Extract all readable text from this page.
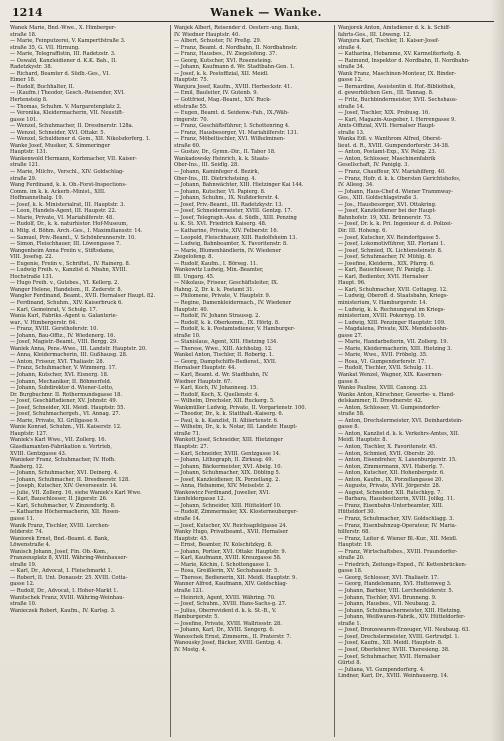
1214	Wanek — Wanke.
Wanek Marie, Bnd.-Wwe., X. Himberger-
straße 18.
— Marie, Feinputzerei, V. Kampertfstraße 3.
straße 35, G. VII. Hirnung.
— Marie, Telegraffistin, III. Radetzstr. 3.
— Oswald, Kanzleidiener d. K.K. Bah., II.
Radetzkystr. 38.
— Richard, Beamter d. Südb.-Ges., VI.
Eimer 18.
— Rudolf, Buchhalter, II.
— (Kaufm.) Theodor, Gesch.-Reisender, XVI.
Hertensteig 8.
— Thomas, Schuhm. V. Margaretenplatz 2.
— Veronika, Kleidermacherin, VII. Neustift-
gasse 101.
— Wenzel, Schuhmacher, II. Dresdnerstr. 128a.
— Wenzel, Schneider, XVI. Ottakr. 5.
— Wenzel, Schuldiener d. Gem., XII. Nikolsdorferg. 1.
Wanke Josef, Musiker, X. Simmeringer
Hauptstr. 131.
Wankenwold Hermann, Korbmacher, VII. Kaiser-
straße 121.
— Marie, Milchv., Verschl., XIV. Goldschlag-
straße 29.
Wang Ferdinand, k. k. Ob.-Forst-Inspections-
Comm. im k. k. Ackerb.-Minist., XIII.
Hoffmannsthalg. 19.
— Josef, k. k. Ministerialrat, III. Hauptstr. 3.
— Leon, Handels-Agent, III. Haupstr. 22.
— Marie, Private, VI. Mariahilferstr. 48.
— Rudolf, Dr., k. k. naturhistor. Hof-Museum,
u. Mitg. d. Böhm. Arch.-Ges., I. Maximiliansstr. 14.
— Samuel, Priv.-Beamt., V. Schönbrunnerstr. 10.
— Simon, Fleischhauer, III. Löwengasse 7.
Wangenheim Anna Freiin v., Stiftsdame,
VIII. Josefsg. 22.
— Eugenie, Freiin v., Schriftst., IV. Rainerg. 8.
— Ludwig Freih. v., Kanzlist d. Nbahn, XVIII.
Hochstraße 131.
— Hugo Freih. v., Gutsbes., VI. Kellerg. 2.
Wanger Helene, Handelsm., II. Zederstr. 8.
Wangler Ferdinand, Beamt., XVII. Hernalser Haupt. 82.
— Ferdinand, Schuhm., XIV. Kaiserbruck 6.
— Karl, Gemeinrat, V. Schulg. 17.
Wania Karl, Fabriks.-Agent u. Galanterie-
war., V. Himbergerstr. 64.
— Franz, XVIII. Gersthoferstr. 10.
— Johann, Bau-Offiz., IV. Wiedenerg. 16.
— Josef, Magistr.-Beamt., VIII. Bergg. 29.
Waniek Anna, Pens.-Wwe., III. Landstr. Hauptstr. 20.
— Anna, Kleidermacherin, III. Gußhausg. 28.
— Anton, Friseur, XVI. Thaliastr. 28.
— Franz, Schuhmacher, V. Wimmerg. 17.
— Johann, Kutscher, XVI. Eisnerg. 18.
— Johann, Mechaniker, II. Böhmerfeld.
— Johann, Subdirektor d. Wiener-Lotto,
Dr. Burgbuchmr. II. Rothermundsgasse 18.
— Josef, Geschäftsdiener, XV. Johnstr. 49.
— Josef, Schneider, XII. Meidl. Hauptstr. 55.
— Josef, Schuhmachergeh., VI. Annag. 27.
— Marie, Private, XI. Grillgasse 9.
Wanie Konrad, Schuhm., VII. Kaiserstr. 12.
Hauptstr. 127.
Waniek's Karl Wwe., VII. Zollerg. 16.
Glasdiamanten-Fabrikation u. Vertrieb,
XVIII. Gentzgasse 43.
Wanieker Franz, Schuhmacher, IV. Hofb.
Raaberg. 12.
— Johann, Schuhmacher, XVI. Deinerg. 4.
— Johann, Schuhmacher, II. Dresdnerstr. 128.
— Joseph, Kutscher, XIV. Oeverseestr. 14.
— Julie, VII. Zollerg. 16, siehe Waniek's Karl Wwe.
— Karl, Bauschlosser, II. Jägerstr. 26.
— Karl, Schuhmacher, V. Zinzendorfg. 8.
— Katharine Höchermacherin, XII. Rosen-
gasse 11.
Wanik Franz, Tischler, XVIII. Lerchen-
felderstr. 74.
Waniorek Ernst, Bnd.-Beamt. d. Bank,
Löwenstraße 4.
Wanisch Johann, Josef, Fin. Ob.-Kom.,
Franzensplatz 8, XVIII. Währing-Weinhauser-
straße 19.
— Karl, Dr., Advocat, I. Fleischmarkt 1.
— Robert, II. Unt. Donaustr. 25. XVIII. Cotta-
gasse 12.
— Rudolf, Dr., Advocat, I. Hoher-Markt 1.
Wanitschek Franz, XVIII. Währing-Weinhau-
straße 10.
Wanieczek Robert, Kaufm., IV. Karlsg. 3.
Wanjek Albert, Reisender d. Oesterr.-ung. Bank,
IV. Wiedner Hauptstr. 40.
— Albert, Schuster, IV. Preßg. 29.
— Franz, Beamt. d. Nordbahn, II. Nordbahnstr.
— Franz, Hausbes., IV. Ziegelofeng. 37.
— Georg, Kutscher, XVI. Rosensteing.
— Johann, Kaufmann d. Wr. Stadtbahn-Gen. 1.
— Josef, k. k. Postoffizial, XII. Meidl.
Hauptstr. 75.
Wanjura Josef, Kaufm., XVIII. Herbeckstr. 41.
— Emil, Bauleiter, IV. Gutenb. 9.
— Gottfried, Mag.-Beamt., XIV. Ruck-
ettstraße 55.
— Eugen, Beamt. d. Seidenw.-Fab., IX./Wäh-
ringerstr. 70.
— Franz, Geschäftsführer, I. Schottenring 4.
— Franz, Hausbesorger, VI. Mariahilferstr. 131.
— Franz, Möbeltischler, XVI. Wilhelminen-
straße 60.
— Gustav, Dr., Gymn.-Dir., II. Tabor 18.
Wankadowsky Heinrich, k. k. Staats-
Ober-Ins., III. Seidlg. 28.
— Johann, Kaminfeger d. Bezirk,
Ober-Ins., III. Dietrichsteing. 4.
— Johann, Bahnwächter, XIII. Hietzinger Kai 144.
— Johann, Kutscher, VI. Papierg. 8.
— Johann, Schuhm., IX. Nußdorferstr. 4.
— Josef, Priv.-Beamt., III. Radetzkystr. 13.
— Josef, Schneidermeister, XVIII. Gentzg. 17.
— Josef, Telegraph.-Ass. d. Südb., XIII. Penzing
u. K. St. XVI. Friedrich Kaiserg. 48.
— Katharine, Private, XIV. Felberstr. 16.
— Leopold, Fleischhauer, XIII. Rudolfsheim 13.
— Ludwig, Bahnbeamter, X. Favoritenstr. 8.
— Marie, Blumenhändlerin, IV. Wiedener
Ziegelofeng. 8.
— Rudolf, Kaufm., I. Börseg. 11.
Wankowitz Ludwig, Min.-Beamter,
III. Ungarg. 45.
— Nikolaus, Friseur, Geschäftsleiter, IX.
Hahng. 2, Dr. k. k. Postamt 31.
— Philomene, Private, V. Hauptstr. 9.
— Regine, Damenkleidermach., IV. Wiedener
Hauptstr. 40.
— Rudolf, IV. Johann Straussg. 2.
— Rudolf, k. k. Oberkomm., IX. Hörlg. 8.
— Rudolf, k. k. Postamtsdiener, V. Hamburger-
straße 10.
— Stanislaus, Agent, XIII. Hietzing 134.
— Therese, Wwe., XIII. Aichholzg. 12.
Wankel Anton, Tischler, II. Robertg. 1.
— Georg, Dampfschiffs-Bedienst., XVII.
Hernalser Hauptstr. 44.
— Karl, Beamt. d. Wr. Stadtbahn, IV.
Wiedner Hauptstr. 67.
— Karl, Koch, IV. Johannesg. 15.
— Rudolf, Koch, X. Quellenstr. 4.
— Wilhelm, Drechsler, XII. Ruckerg. 5.
Wankmüller Ludwig, Private, II. Vorgartenstr. 100.
— Theodor, Dr., k. k. Statthalt.-Kaiserg. 6.
— Paul, k. k. Kanzlist, II. Alliiertenstr. 6.
— Wilhelm, Dr., k. k. Notar, III. Landstr. Haupt-
straße 71.
Wankott Josef, Schneider, XIII. Hietzinger
Hauptstr. 27.
— Karl, Schneider, XVIII. Gentzgasse 14.
— Johann, Lithograph, II. Zirkusg. 49.
— Johann, Bäckermeister, XVI. Abelg. 10.
— Johann, Schuhmacher, XIX. Döbling 5.
— Josef, Kanzleidiener, IX. Porzellang. 2.
— Anna, Hebamme, XIV. Meiselstr. 2.
Wankowicz Ferdinand, Juwelier, XVI.
Lienfeldergasse 12.
— Johann, Schneider, XIII. Hütteldorf 10.
— Rudolf, Zimmermaler, XX. Klosterneuburger-
straße 14.
— Josef, Kutscher, XV. Reichsapfelgasse 24.
Wanky Hugo, Privatbeamt., XVII. Hernalser
Hauptstr. 45.
— Ernst, Beamter, IV. Kolschitzkyg. 8.
— Johann, Portier, XVI. Ottakr. Hauptstr. 9.
— Karl, Kaufmann, XVIII. Kreuzgasse 58.
— Marie, Köchin, I. Schottengasse 1.
— Rosa, Greißlerin, XV. Sechshausstr. 5.
— Therese, Bedienerin, XII. Meidl. Hauptstr. 9.
Wanner Alfred, Kaufmann, XIV. Goldschlag-
straße 121.
— Heinrich, Agent, XVIII. Währing. 70.
— Josef, Schuhm., XVIII. Hans-Sachs-g. 27.
— Julius, Oberrevident d. k. k. St.-B., V.
Hamburgerstr. 5.
— Josefine, Private, XVIII. Wallrissstr. 28.
— Johann, Karl, Dr., XVIII. Sengerg. 6.
Wanoschek Ernst, Zimmerm., II. Praterstr. 7.
Wanousky Josef, Bäcker, XVIII. Gentzg. 4.
IV. Mostg. 4.
Wanjorek Anton, Amtsdiener d. k. k. Schiff-
fahrts-Ges., III. Löweng. 12.
Wanjura Karl, Tischler, II. Kaiser-Josef-
straße 4.
— Katharina, Hebamme, XV. Karmeliterhofg. 8.
— Raimund, Inspektor d. Nordbahn, II. Nordbahn-
straße 34.
Wank Franz, Maschinen-Monteur, IX. Binder-
gasse 12.
— Bernardine, Assistentin d. Hof.-Bibliothek,
d. gewerblichen Gen., III. Tannag. 8.
— Fritz, Buchbindermeister, XVII. Sechshaus-
straße 14.
— Josef, Tischler, XIX. Probusg. 16.
— Karl, Magazin-Ausgeber, I. Herrengasse 9.
Amts-Offizial, XVII. Hernalser Haupt-
straße 13.
Wanka Edl. v. Wanthrom Alfred, Oberst-
lieut. d. R., XVIII. Gumpendorferstr. 34-38.
— Anton, Postamt-Exp., XV. Pelzg. 23.
— Anton, Schlosser, Maschinenfabrik
Gesellschaft, IV. Paniglg. 3.
— Franz, Chauffeur, XV. Mariahilferg. 40.
— Franz, Hofr. d. k. k. Obersten Gerichtshofes,
IV. Alleeg. 34.
— Johann, Haus-Chef d. Wiener Trammway-
Ges., XIII. Goldschlagstraße 3.
— Jos., Hausbesorger, XVI. Ottakring.
— Josef, Kanzleidiener bei der Haupt-
Bahnhofstr. 19, XXI. Brünnerstr. 73.
— Josef, Dr. k. k. Pri. Ingenieur d. d. Polizei-
Dir. III. Hoheng. 6.
— Josef, Kutscher, XV. Reindorfgasse 5.
— Josef, Lokomotivführer, XII. Floriani 1.
— Josef, Schmied, IX. Lichtensteinstr. 8.
— Josef, Schuhmacher, IV. Mühlg. 8.
— Josefine, Kleiderm., XIX. Pfarrg. 6.
— Karl, Bauschlosser, IV. Paniglg. 3.
— Karl, Bedienter, XVII. Hernalser
Haupt. 96.
— Karl, Schuhmacher, XVII. Cottageg. 12.
— Ludwig, Oberoff. d. Staatsbahn, Kriegs-
ministerium, V. Hamburgerstr. 14.
— Ludwig, k. k. Rechnungsrat im Kriegs-
ministerium, XVIII. Pokornyg. 19.
— Ludwig, XIII. Penzinger Hauptstr. 109.
— Magdalena, Private, XIX. Mendelssohn-
gasse 27.
— Marie, Handarbeiterin, VII. Zollerg. 19.
— Marie, Kleidermacherin, XIII. Hietzing 3.
— Marie, Wwe., XVII. Fröbelg. 35.
— Rosa, VI. Gumpendorferstr. 17.
— Rudolf, Tischler, XVII. Schulg. 11.
Wankat Wenzel, Wagner, XIX. Kasernen-
gasse 8.
Wanko Pauline, XVIII. Canong. 23.
Wanke Anton, Kürschner, Gewerbe- u. Hand-
delskammer, II. Dresdnerstr. 42.
— Anton, Schlosser, VI. Gumpendorfer-
straße 58.
— Anton, Drechslermeister, XVI. Deinhardstein-
gasse 8.
— Anton, Kanzlist d. k. k. Verkehrs-Amtes, XII.
Meidl. Hauptstr. 8.
— Anton, Tischler, X. Favoritenstr. 45.
— Anton, Schmied, XVII. Oberstr. 20.
— Anton, Eisendreher, X. Laxenburgerstr. 15.
— Anton, Zimmermann, XVI. Haberlg. 7.
— Anton, Kutscher, XII. Hohenbergstr. 6.
— Anton, Kaufm., IX. Porzellangasse 20.
— Auguste, Private, XVII. Jörgerstr. 28.
— August, Schneider, XII. Ratschkyg. 7.
— Barbara, Hausbesitzerin, XVIII. Jolikg. 11.
— Franz, Eisenbahn-Unterbeamter, XIII.
Hütteldorf 30.
— Franz, Schuhmacher, XIV. Goldschlagg. 3.
— Franz, Eisenbahnzug-Operateur, IV. Maria-
hilferstr. 68.
— Franz, Leiter d. Wiener Bl.-Kur., XII. Meidl.
Hauptstr. 19.
— Franz, Wirtschaftsbes., XVIII. Fraundorfer-
straße 20.
— Friedrich, Zeitungs-Exped., IV. Kettenbrücken-
gasse 18.
— Georg, Schlosser, XVI. Thaliastr. 17.
— Georg, Handelsmann, XVI. Huttenweg 3.
— Johann, Barbier, VIII. Lerchenfelderstr. 5.
— Johann, Tischler, XVI. Brunneng. 9.
— Johann, Hausbes., VII. Neubaug. 2.
— Johann, Schuhmachermeister, XIII. Hietzing.
— Johann, Weißwaren-Fabrik., XIV. Hütteldorfer-
straße 1.
— Josef, Bronzewaren-Erzeuger, VII. Neubaug. 63.
— Josef, Drechslermeister, XVIII. Gertrudpl. 1.
— Josef, Kaufm., XII. Meidl. Hauptstr. 8.
— Josef, Oberlehrer, XVIII. Theresieng. 38.
— Josef, Schuhmacher, XVII. Hernalser
Gürtel 8.
— Juliana, VI. Gumpendorferg. 4.
Lindner, Karl, Dr., XVIII. Weinhauserg. 14.
